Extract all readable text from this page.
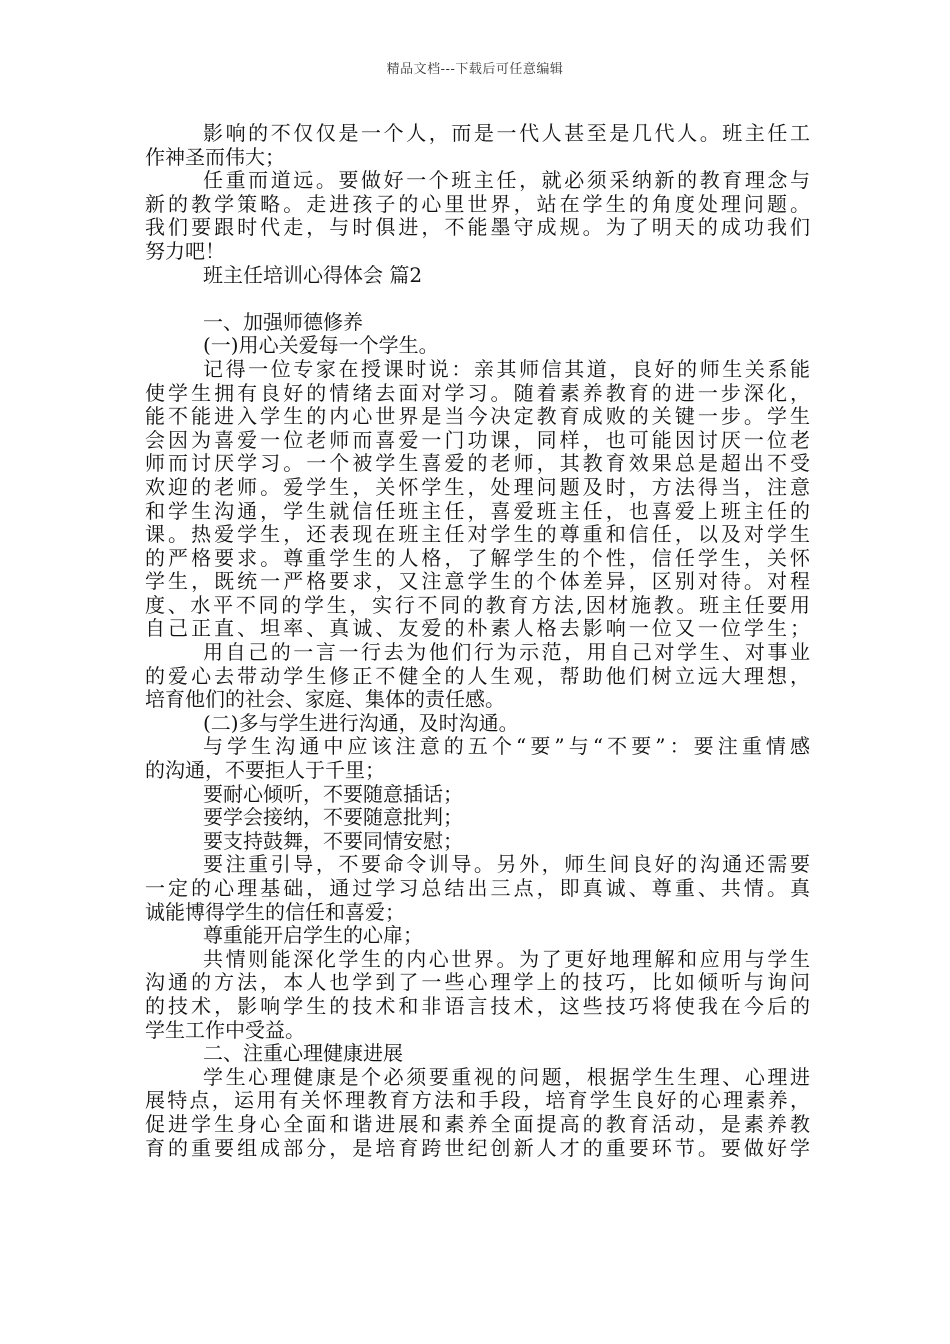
精品文档---下载后可任意编辑
影响的不仅仅是一个人，而是一代人甚至是几代人。班主任工
作神圣而伟大；
任重而道远。要做好一个班主任，就必须采纳新的教育理念与
新的教学策略。走进孩子的心里世界，站在学生的角度处理问题。
我们要跟时代走，与时俱进，不能墨守成规。为了明天的成功我们
努力吧！
班主任培训心得体会 篇2
一、加强师德修养
(一)用心关爱每一个学生。
记得一位专家在授课时说：亲其师信其道，良好的师生关系能
使学生拥有良好的情绪去面对学习。随着素养教育的进一步深化，
能不能进入学生的内心世界是当今决定教育成败的关键一步。学生
会因为喜爱一位老师而喜爱一门功课，同样，也可能因讨厌一位老
师而讨厌学习。一个被学生喜爱的老师，其教育效果总是超出不受
欢迎的老师。爱学生，关怀学生，处理问题及时，方法得当，注意
和学生沟通，学生就信任班主任，喜爱班主任，也喜爱上班主任的
课。热爱学生，还表现在班主任对学生的尊重和信任，以及对学生
的严格要求。尊重学生的人格，了解学生的个性，信任学生，关怀
学生，既统一严格要求，又注意学生的个体差异，区别对待。对程
度、水平不同的学生，实行不同的教育方法,因材施教。班主任要用
自己正直、坦率、真诚、友爱的朴素人格去影响一位又一位学生；
用自己的一言一行去为他们行为示范，用自己对学生、对事业
的爱心去带动学生修正不健全的人生观，帮助他们树立远大理想，
培育他们的社会、家庭、集体的责任感。
(二)多与学生进行沟通，及时沟通。
与学生沟通中应该注意的五个“要”与“不要”：要注重情感
的沟通，不要拒人于千里；
要耐心倾听，不要随意插话；
要学会接纳，不要随意批判；
要支持鼓舞，不要同情安慰；
要注重引导，不要命令训导。另外，师生间良好的沟通还需要
一定的心理基础，通过学习总结出三点，即真诚、尊重、共情。真
诚能博得学生的信任和喜爱；
尊重能开启学生的心扉；
共情则能深化学生的内心世界。为了更好地理解和应用与学生
沟通的方法，本人也学到了一些心理学上的技巧，比如倾听与询问
的技术，影响学生的技术和非语言技术，这些技巧将使我在今后的
学生工作中受益。
二、注重心理健康进展
学生心理健康是个必须要重视的问题，根据学生生理、心理进
展特点，运用有关怀理教育方法和手段，培育学生良好的心理素养，
促进学生身心全面和谐进展和素养全面提高的教育活动，是素养教
育的重要组成部分，是培育跨世纪创新人才的重要环节。要做好学
